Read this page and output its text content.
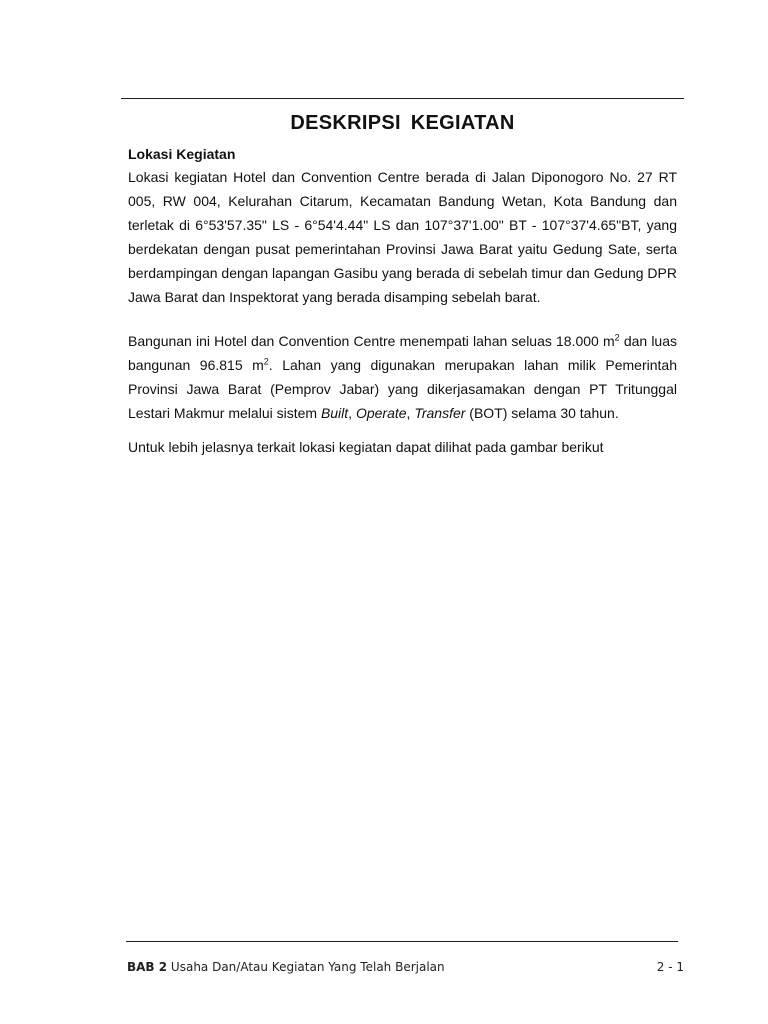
DESKRIPSI KEGIATAN
Lokasi Kegiatan

Lokasi kegiatan Hotel dan Convention Centre berada di Jalan Diponogoro No. 27 RT 005, RW 004, Kelurahan Citarum, Kecamatan Bandung Wetan, Kota Bandung dan terletak di 6°53'57.35" LS - 6°54'4.44" LS dan 107°37'1.00" BT - 107°37'4.65"BT, yang berdekatan dengan pusat pemerintahan Provinsi Jawa Barat yaitu Gedung Sate, serta berdampingan dengan lapangan Gasibu yang berada di sebelah timur dan Gedung DPR Jawa Barat dan Inspektorat yang berada disamping sebelah barat.

Bangunan ini Hotel dan Convention Centre menempati lahan seluas 18.000 $m^2$ dan luas bangunan 96.815 $m^2$. Lahan yang digunakan merupakan lahan milik Pemerintah Provinsi Jawa Barat (Pemprov Jabar) yang dikerjasamakan dengan PT Tritunggal Lestari Makmur melalui sistem Built, Operate, Transfer (BOT) selama 30 tahun.

Untuk lebih jelasnya terkait lokasi kegiatan dapat dilihat pada gambar berikut

BAB 2 Usaha Dan/Atau Kegiatan Yang Telah Berjalan	2 - 1
